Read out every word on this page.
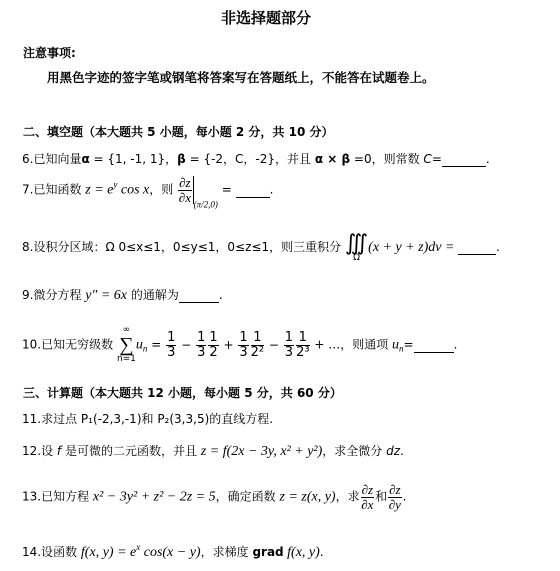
非选择题部分
注意事项:
用黑色字迹的签字笔或钢笔将答案写在答题纸上，不能答在试题卷上。
二、填空题（本大题共 5 小题，每小题 2 分，共 10 分）
6.已知向量α = {1, -1, 1}，β = {-2，C，-2}，并且 α × β =0，则常数 C=	.
7.已知函数 $z = e^y$ cos x，则 $\frac{\partial z}{\partial x}$
$_{(\pi/2,0)}$ =	.
8.设积分区域：Ω 0≤x≤1，0≤y≤1，0≤z≤1，则三重积分 ∭
Ω
(x + y + z)dv =	.
9.微分方程 y″ = 6x 的通解为	.
10.已知无穷级数
∞
∑
n=1
$u_n = \frac{1}{3} - \frac{1}{3} \frac{1}{2} + \frac{1}{3} \frac{1}{\text{2²}} - \frac{1}{3} \frac{1}{\text{2³}}$ + …，则通项 $u_n=$	.
三、计算题（本大题共 12 小题，每小题 5 分，共 60 分）
11.求过点 P₁(-2,3,-1)和 P₂(3,3,5)的直线方程.
12.设 f 是可微的二元函数，并且 z = f(2x − 3y, x² + y²)，求全微分 dz.
13.已知方程 x² − 3y² + z² − 2z = 5，确定函数 z = z(x, y)，求 $\frac{\partial z}{\partial x}$ 和 $\frac{\partial z}{\partial y}$ .
14.设函数 f(x, $y) = e^x$ cos(x − y)，求梯度 grad f(x, y).
